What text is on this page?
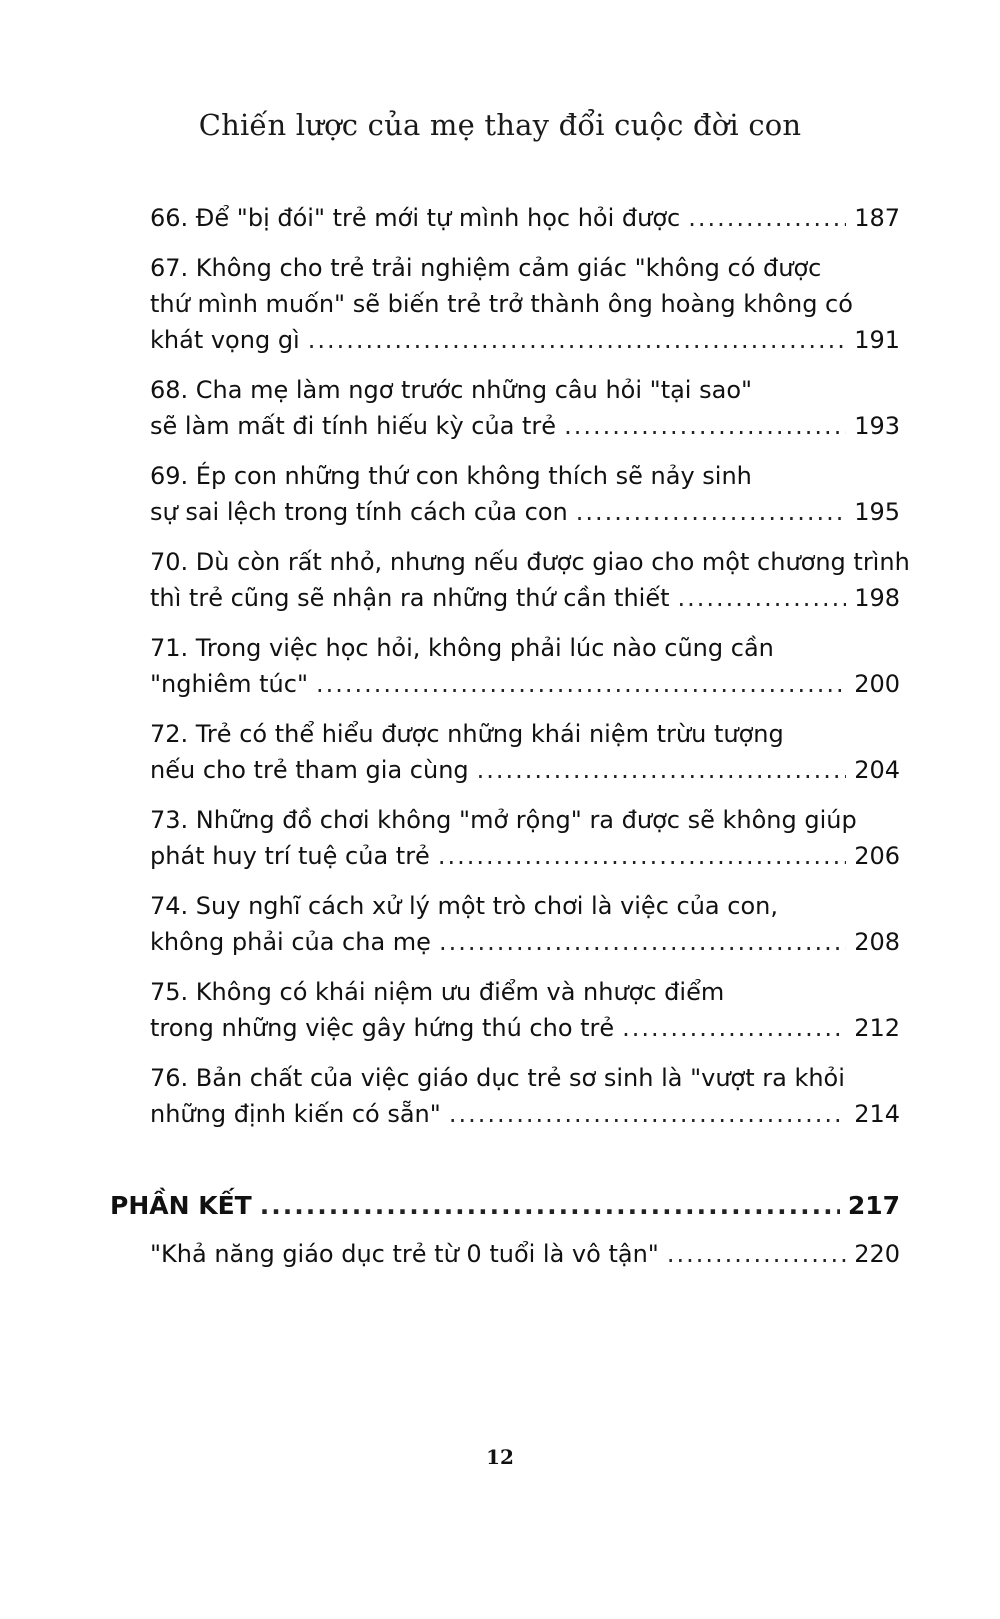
Chiến lược của mẹ thay đổi cuộc đời con
66. Để "bị đói" trẻ mới tự mình học hỏi được .....	187
67. Không cho trẻ trải nghiệm cảm giác "không có được
thứ mình muốn" sẽ biến trẻ trở thành ông hoàng không có
khát vọng gì .....	191
68. Cha mẹ làm ngơ trước những câu hỏi "tại sao"
sẽ làm mất đi tính hiếu kỳ của trẻ .....	193
69. Ép con những thứ con không thích sẽ nảy sinh
sự sai lệch trong tính cách của con .....	195
70. Dù còn rất nhỏ, nhưng nếu được giao cho một chương trình
thì trẻ cũng sẽ nhận ra những thứ cần thiết .....	198
71. Trong việc học hỏi, không phải lúc nào cũng cần
"nghiêm túc" .....	200
72. Trẻ có thể hiểu được những khái niệm trừu tượng
nếu cho trẻ tham gia cùng .....	204
73. Những đồ chơi không "mở rộng" ra được sẽ không giúp
phát huy trí tuệ của trẻ .....	206
74. Suy nghĩ cách xử lý một trò chơi là việc của con,
không phải của cha mẹ .....	208
75. Không có khái niệm ưu điểm và nhược điểm
trong những việc gây hứng thú cho trẻ .....	212
76. Bản chất của việc giáo dục trẻ sơ sinh là "vượt ra khỏi
những định kiến có sẵn" .....	214
PHẦN KẾT .....	217
"Khả năng giáo dục trẻ từ 0 tuổi là vô tận" .....	220
12
